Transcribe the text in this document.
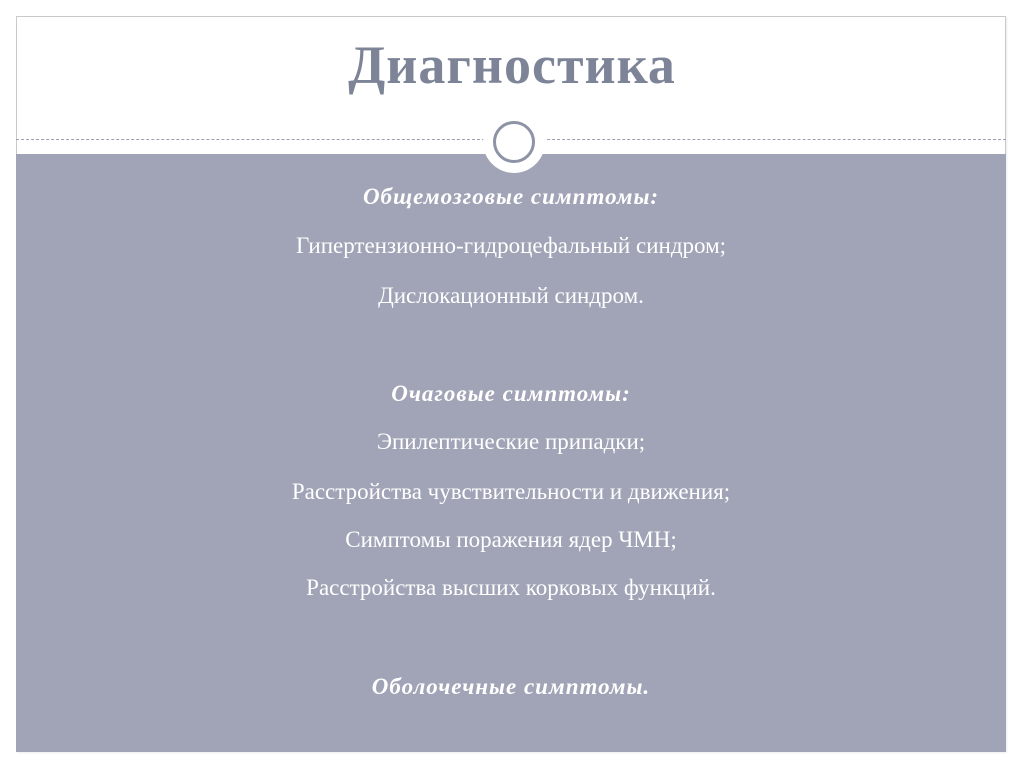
Диагностика
Общемозговые симптомы:
Гипертензионно-гидроцефальный синдром;
Дислокационный синдром.
Очаговые симптомы:
Эпилептические припадки;
Расстройства чувствительности и движения;
Симптомы поражения ядер ЧМН;
Расстройства высших корковых функций.
Оболочечные симптомы.
